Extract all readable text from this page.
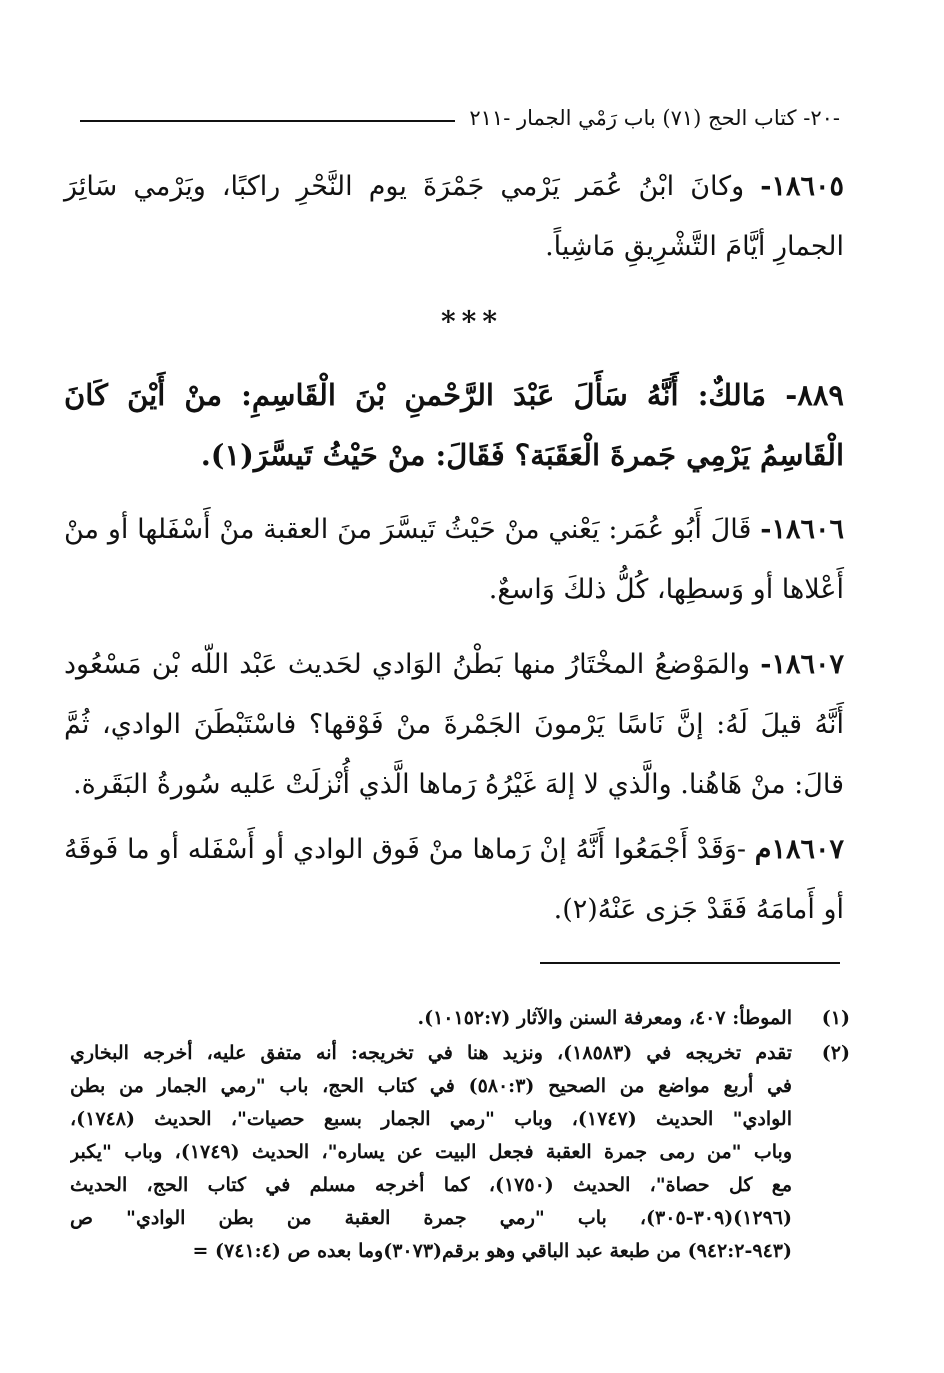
-٢٠- كتاب الحج (٧١) باب رَمْي الجمار -٢١١

١٨٦٠٥- وكانَ ابْنُ عُمَر يَرْمي جَمْرَةَ يوم النَّحْرِ راكبًا، ويَرْمي سَائِرَ الجمارِ أيَّامَ التَّشْرِيقِ مَاشِياً.

***

٨٨٩- مَالكٌ: أَنَّهُ سَأَلَ عَبْدَ الرَّحْمنِ بْنَ الْقَاسِمِ: منْ أَيْنَ كَانَ الْقَاسِمُ يَرْمِي جَمرةَ الْعَقَبَة؟ فَقَالَ: منْ حَيْثُ تَيسَّرَ(١).

١٨٦٠٦- قَالَ أَبُو عُمَر: يَعْني منْ حَيْثُ تَيسَّرَ منَ العقبة منْ أَسْفَلها أو منْ أَعْلاها أو وَسطِها، كُلُّ ذلكَ وَاسعٌ.

١٨٦٠٧- والمَوْضعُ المخْتَارُ منها بَطْنُ الوَادي لحَديث عَبْد اللّه بْن مَسْعُود أَنَّهُ قيلَ لَهُ: إنَّ نَاسًا يَرْمونَ الجَمْرةَ منْ فَوْقها؟ فاسْتَبْطَنَ الوادي، ثُمَّ قالَ: منْ هَاهُنا. والَّذي لا إلهَ غَيْرُهُ رَماها الَّذي أُنْزلَتْ عَليه سُورةُ البَقَرة.

١٨٦٠٧م -وَقَدْ أَجْمَعُوا أَنَّهُ إنْ رَماها منْ فَوق الوادي أو أَسْفَله أو ما فَوقَهُ أو أَمامَهُ فَقَدْ جَزى عَنْهُ(٢).

(١)
الموطأ: ٤٠٧، ومعرفة السنن والآثار (١٠١٥٢:٧).
(٢)
تقدم تخريجه في (١٨٥٨٣)، ونزيد هنا في تخريجه: أنه متفق عليه، أخرجه البخاري
في أربع مواضع من الصحيح (٥٨٠:٣) في كتاب الحج، باب "رمي الجمار من بطن
الوادي" الحديث (١٧٤٧)، وباب "رمي الجمار بسبع حصيات"، الحديث (١٧٤٨)،
وباب "من رمى جمرة العقبة فجعل البيت عن يساره"، الحديث (١٧٤٩)، وباب "يكبر
مع كل حصاة"، الحديث (١٧٥٠)، كما أخرجه مسلم في كتاب الحج، الحديث
(١٢٩٦)(٣٠٩-٣٠٥)، باب "رمي جمرة العقبة من بطن الوادي" ص
(٩٤٣-٩٤٢:٢) من طبعة عبد الباقي وهو برقم(٣٠٧٣)وما بعده ص (٧٤١:٤) =
